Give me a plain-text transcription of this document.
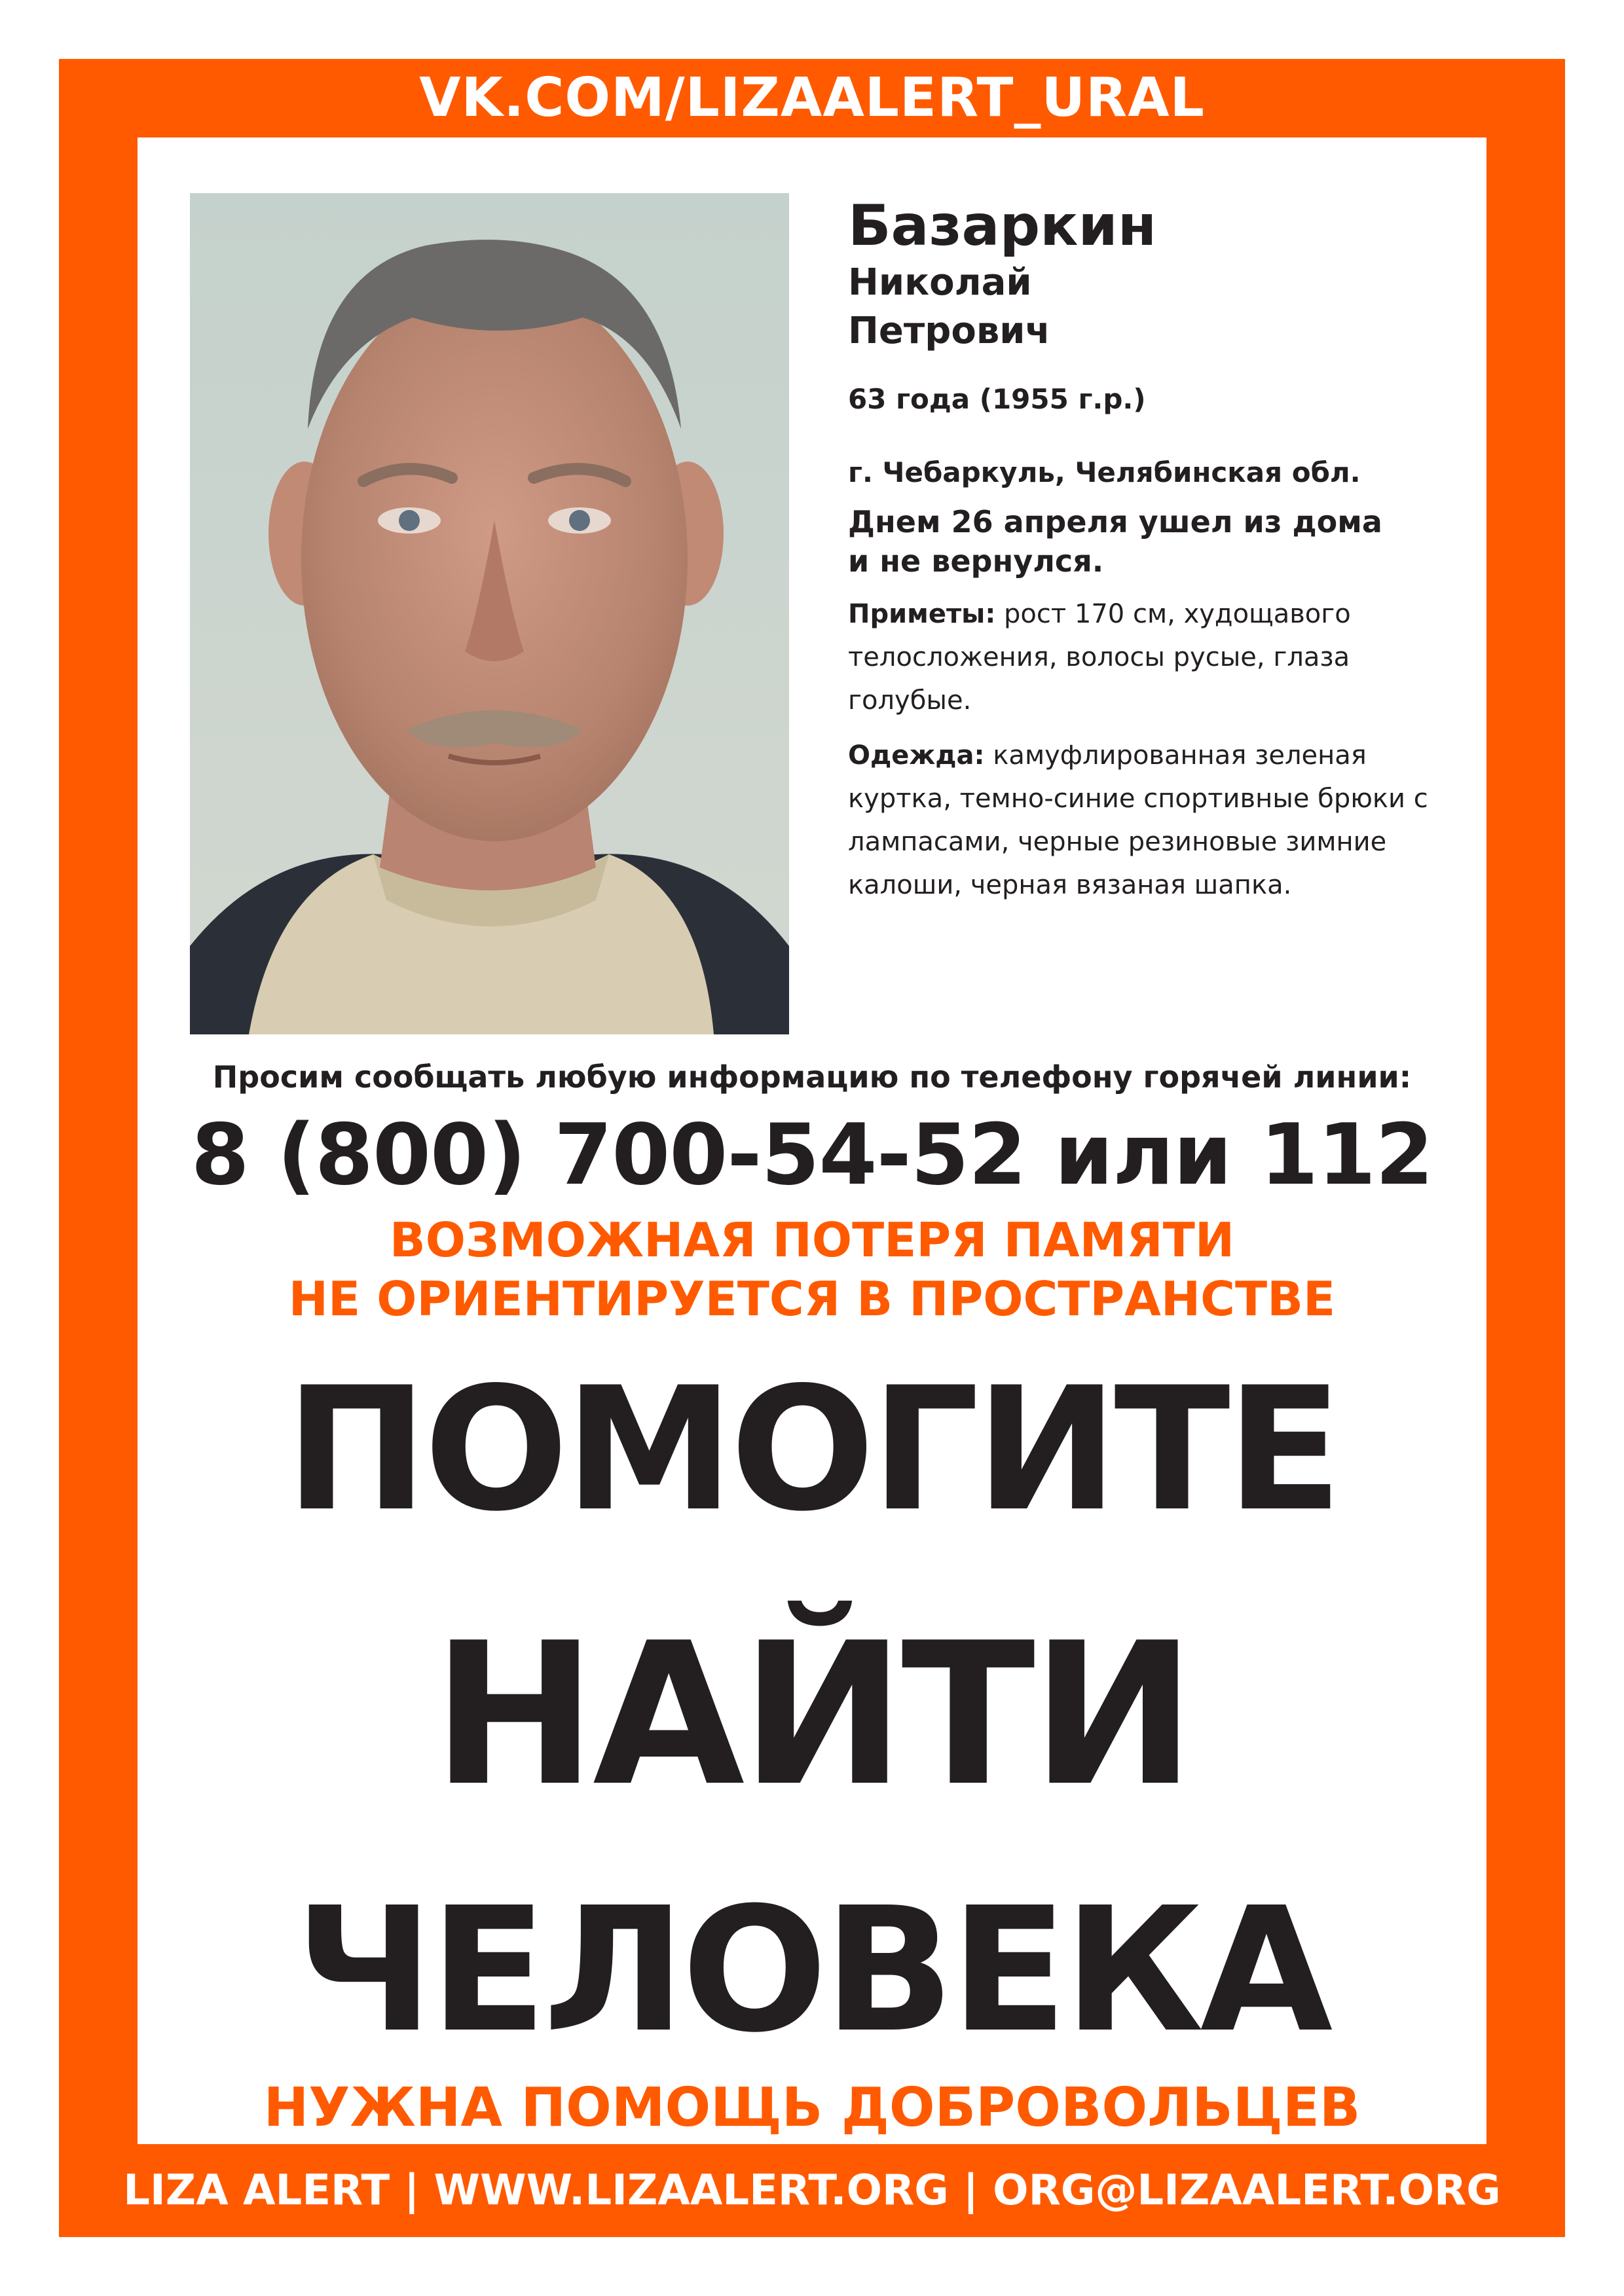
VK.COM/LIZAALERT_URAL
Базаркин
Николай
Петрович
63 года (1955 г.р.)
г. Чебаркуль, Челябинская обл.
Днем 26 апреля ушел из дома
и не вернулся.
Приметы: рост 170 см, худощавого телосложения, волосы русые, глаза голубые.
Одежда: камуфлированная зеленая куртка, темно-синие спортивные брюки с лампасами, черные резиновые зимние калоши, черная вязаная шапка.
Просим сообщать любую информацию по телефону горячей линии:
8 (800) 700-54-52 или 112
ВОЗМОЖНАЯ ПОТЕРЯ ПАМЯТИ
НЕ ОРИЕНТИРУЕТСЯ В ПРОСТРАНСТВЕ
ПОМОГИТЕ
НАЙТИ
ЧЕЛОВЕКА
НУЖНА ПОМОЩЬ ДОБРОВОЛЬЦЕВ
LIZA ALERT | WWW.LIZAALERT.ORG | ORG@LIZAALERT.ORG
